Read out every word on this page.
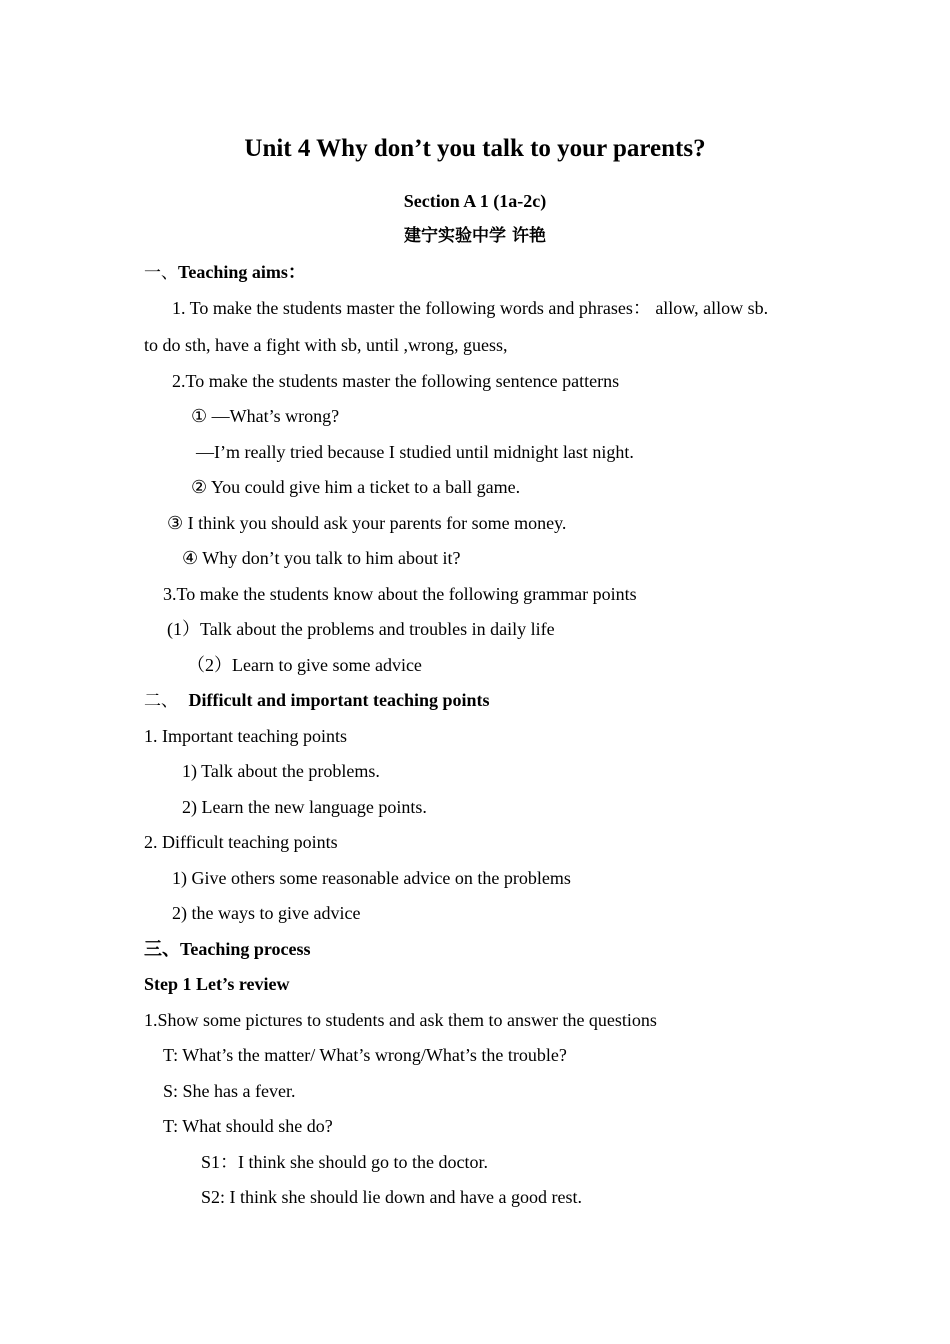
Unit 4 Why don’t you talk to your parents?
Section A 1 (1a-2c)
建宁实验中学 许艳
一、Teaching aims：
1. To make the students master the following words and phrases： allow, allow sb.
to do sth, have a fight with sb, until ,wrong, guess,
2.To make the students master the following sentence patterns
① —What’s wrong?
—I’m really tried because I studied until midnight last night.
② You could give him a ticket to a ball game.
③ I think you should ask your parents for some money.
④ Why don’t you talk to him about it?
3.To make the students know about the following grammar points
(1）Talk about the problems and troubles in daily life
（2）Learn to give some advice
二、 Difficult and important teaching points
1. Important teaching points
1) Talk about the problems.
2) Learn the new language points.
2. Difficult teaching points
1) Give others some reasonable advice on the problems
2) the ways to give advice
三、Teaching process
Step 1 Let’s review
1.Show some pictures to students and ask them to answer the questions
T: What’s the matter/ What’s wrong/What’s the trouble?
S: She has a fever.
T: What should she do?
S1：I think she should go to the doctor.
S2: I think she should lie down and have a good rest.
